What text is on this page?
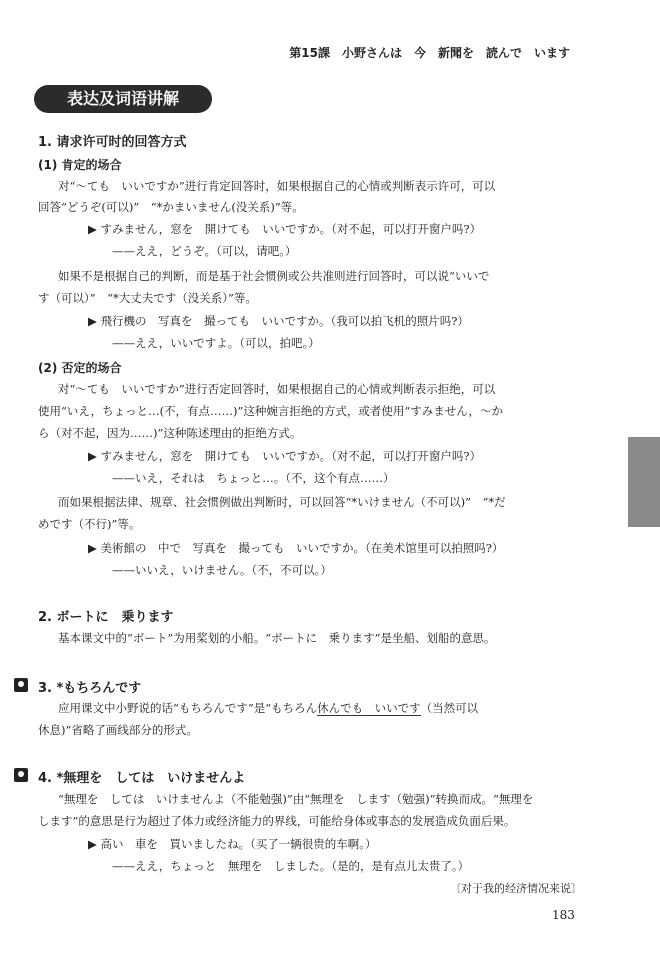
第15課　小野さんは　今　新聞を　読んで　います
表达及词语讲解
1. 请求许可时的回答方式
(1) 肯定的场合
对“～ても　いいですか”进行肯定回答时，如果根据自己的心情或判断表示许可，可以
回答“どうぞ(可以)”　“*かまいません(没关系)”等。
▶ すみません，窓を　開けても　いいですか。（对不起，可以打开窗户吗?）
——ええ，どうぞ。（可以，请吧。）
如果不是根据自己的判断，而是基于社会惯例或公共准则进行回答时，可以说“いいで
す（可以）”　“*大丈夫です（没关系）”等。
▶ 飛行機の　写真を　撮っても　いいですか。（我可以拍飞机的照片吗?）
——ええ，いいですよ。（可以，拍吧。）
(2) 否定的场合
对“～ても　いいですか”进行否定回答时，如果根据自己的心情或判断表示拒绝，可以
使用“いえ，ちょっと…(不，有点……)”这种婉言拒绝的方式，或者使用“すみません，～か
ら（对不起，因为……)”这种陈述理由的拒绝方式。
▶ すみません，窓を　開けても　いいですか。（对不起，可以打开窗户吗?）
——いえ，それは　ちょっと…。（不，这个有点……）
而如果根据法律、规章、社会惯例做出判断时，可以回答“*いけません（不可以)”　“*だ
めです（不行)”等。
▶ 美術館の　中で　写真を　撮っても　いいですか。（在美术馆里可以拍照吗?）
——いいえ，いけません。（不，不可以。）
2. ボートに　乗ります
基本课文中的“ボート”为用桨划的小船。“ボートに　乗ります”是坐船、划船的意思。
3. *もちろんです
应用课文中小野说的话“もちろんです”是“もちろん休んでも　いいです（当然可以
休息)”省略了画线部分的形式。
4. *無理を　しては　いけませんよ
“無理を　しては　いけませんよ（不能勉强)”由“無理を　します（勉强)”转换而成。“無理を
します”的意思是行为超过了体力或经济能力的界线，可能给身体或事态的发展造成负面后果。
▶ 高い　車を　買いましたね。（买了一辆很贵的车啊。）
——ええ，ちょっと　無理を　しました。（是的，是有点儿太贵了。）
〔对于我的经济情况来说〕
183
